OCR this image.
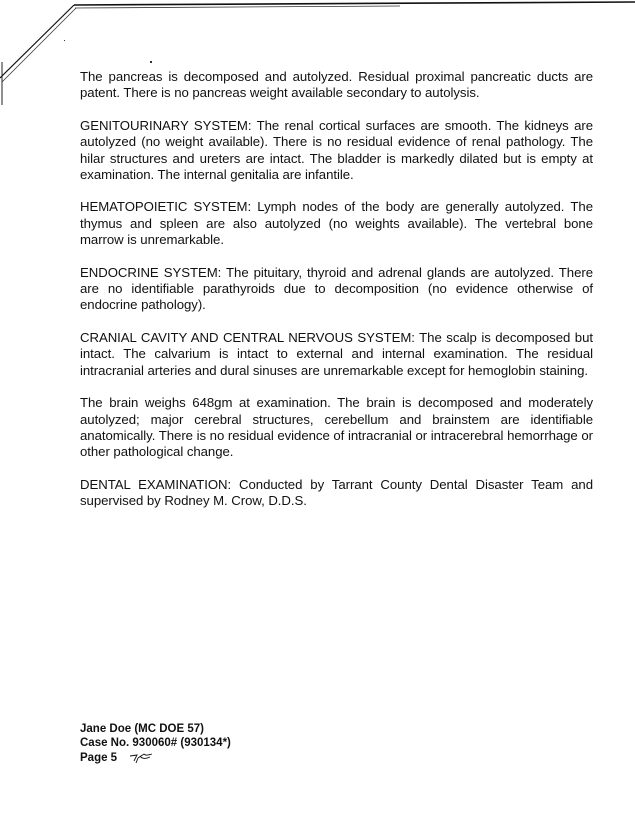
The pancreas is decomposed and autolyzed. Residual proximal pancreatic ducts are patent. There is no pancreas weight available secondary to autolysis.

GENITOURINARY SYSTEM: The renal cortical surfaces are smooth. The kidneys are autolyzed (no weight available). There is no residual evidence of renal pathology. The hilar structures and ureters are intact. The bladder is markedly dilated but is empty at examination. The internal genitalia are infantile.

HEMATOPOIETIC SYSTEM: Lymph nodes of the body are generally autolyzed. The thymus and spleen are also autolyzed (no weights available). The vertebral bone marrow is unremarkable.

ENDOCRINE SYSTEM: The pituitary, thyroid and adrenal glands are autolyzed. There are no identifiable parathyroids due to decomposition (no evidence otherwise of endocrine pathology).

CRANIAL CAVITY AND CENTRAL NERVOUS SYSTEM: The scalp is decomposed but intact. The calvarium is intact to external and internal examination. The residual intracranial arteries and dural sinuses are unremarkable except for hemoglobin staining.

The brain weighs 648gm at examination. The brain is decomposed and moderately autolyzed; major cerebral structures, cerebellum and brainstem are identifiable anatomically. There is no residual evidence of intracranial or intracerebral hemorrhage or other pathological change.

DENTAL EXAMINATION: Conducted by Tarrant County Dental Disaster Team and supervised by Rodney M. Crow, D.D.S.

Jane Doe (MC DOE 57)
Case No. 930060# (930134*)
Page 5
